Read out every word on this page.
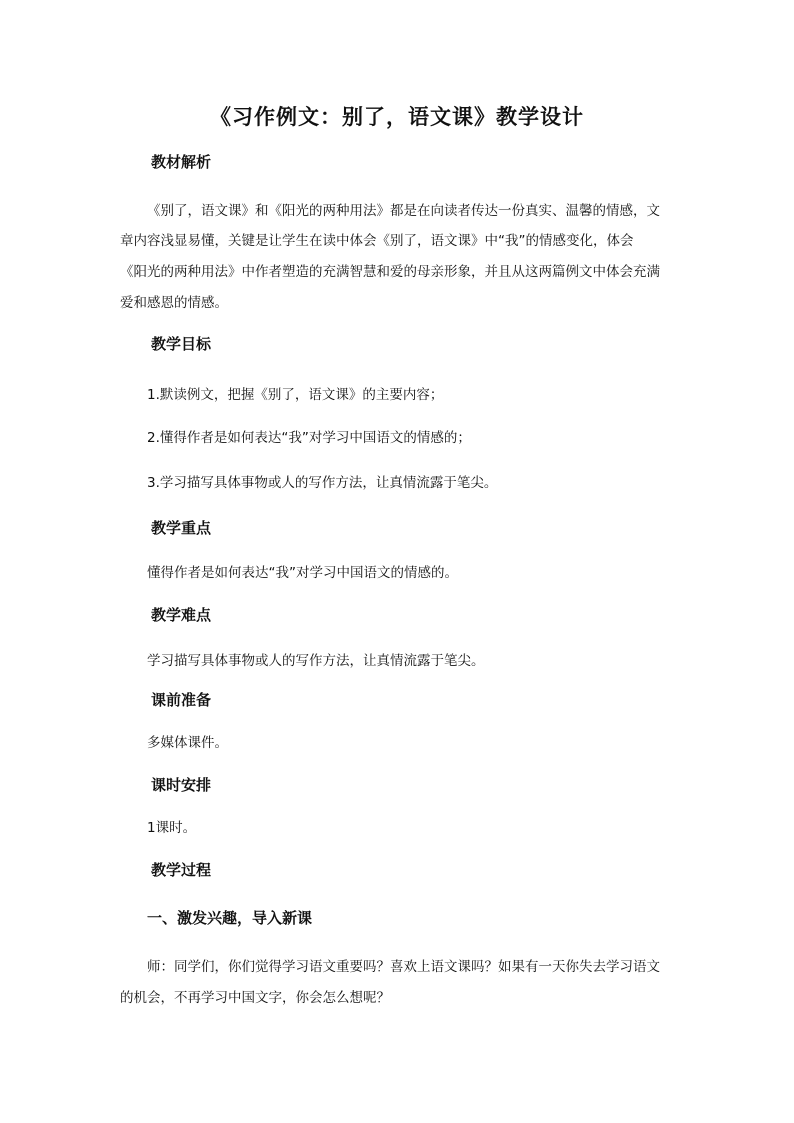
《习作例文：别了，语文课》教学设计
教材解析
《别了，语文课》和《阳光的两种用法》都是在向读者传达一份真实、温馨的情感，文
章内容浅显易懂，关键是让学生在读中体会《别了，语文课》中“我”的情感变化，体会
《阳光的两种用法》中作者塑造的充满智慧和爱的母亲形象，并且从这两篇例文中体会充满
爱和感恩的情感。
教学目标
1.默读例文，把握《别了，语文课》的主要内容；
2.懂得作者是如何表达“我”对学习中国语文的情感的；
3.学习描写具体事物或人的写作方法，让真情流露于笔尖。
教学重点
懂得作者是如何表达“我”对学习中国语文的情感的。
教学难点
学习描写具体事物或人的写作方法，让真情流露于笔尖。
课前准备
多媒体课件。
课时安排
1课时。
教学过程
一、激发兴趣，导入新课
师：同学们，你们觉得学习语文重要吗？喜欢上语文课吗？如果有一天你失去学习语文
的机会，不再学习中国文字，你会怎么想呢？
